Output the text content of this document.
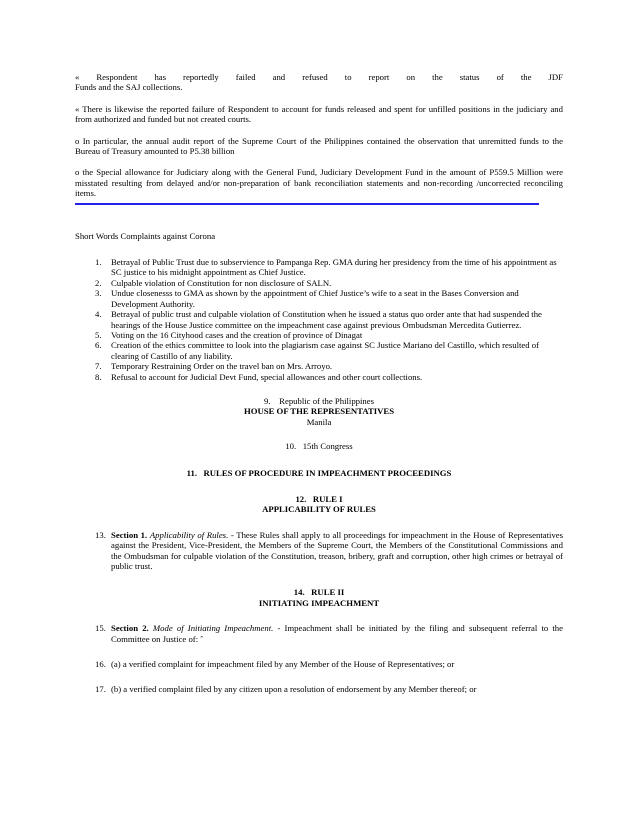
« Respondent has reportedly failed and refused to report on the status of the JDF
Funds and the SAJ collections.

« There is likewise the reported failure of Respondent to account for funds released and spent for unfilled positions in the judiciary and from authorized and funded but not created courts.

o In particular, the annual audit report of the Supreme Court of the Philippines contained the observation that unremitted funds to the Bureau of Treasury amounted to P5.38 billion

o the Special allowance for Judiciary along with the General Fund, Judiciary Development Fund in the amount of P559.5 Million were misstated resulting from delayed and/or non-preparation of bank reconciliation statements and non-recording /uncorrected reconciling items.

Short Words Complaints against Corona

1.	Betrayal of Public Trust due to subservience to Pampanga Rep. GMA during her presidency from the time of his appointment as SC justice to his midnight appointment as Chief Justice.
2.	Culpable violation of Constitution for non disclosure of SALN.
3.	Undue closenesss to GMA as shown by the appointment of Chief Justice’s wife to a seat in the Bases Conversion and Development Authority.
4.	Betrayal of public trust and culpable violation of Constitution when he issued a status quo order ante that had suspended the hearings of the House Justice committee on the impeachment case against previous Ombudsman Mercedita Gutierrez.
5.	Voting on the 16 Cityhood cases and the creation of province of Dinagat
6.	Creation of the ethics committee to look into the plagiarism case against SC Justice Mariano del Castillo, which resulted of clearing of Castillo of any liability.
7.	Temporary Restraining Order on the travel ban on Mrs. Arroyo.
8.	Refusal to account for Judicial Devt Fund, special allowances and other court collections.

9.    Republic of the Philippines

HOUSE OF THE REPRESENTATIVES

Manila

10.   15th Congress

11.   RULES OF PROCEDURE IN IMPEACHMENT PROCEEDINGS

12.   RULE I

APPLICABILITY OF RULES

13. Section 1. Applicability of Rules. - These Rules shall apply to all proceedings for impeachment in the House of Representatives against the President, Vice-President, the Members of the Supreme Court, the Members of the Constitutional Commissions and the Ombudsman for culpable violation of the Constitution, treason, bribery, graft and corruption, other high crimes or betrayal of public trust.

14.   RULE II

INITIATING IMPEACHMENT

15. Section 2. Mode of Initiating Impeachment. - Impeachment shall be initiated by the filing and subsequent referral to the Committee on Justice of: ˆ
16. (a) a verified complaint for impeachment filed by any Member of the House of Representatives; or
17. (b) a verified complaint filed by any citizen upon a resolution of endorsement by any Member thereof; or
